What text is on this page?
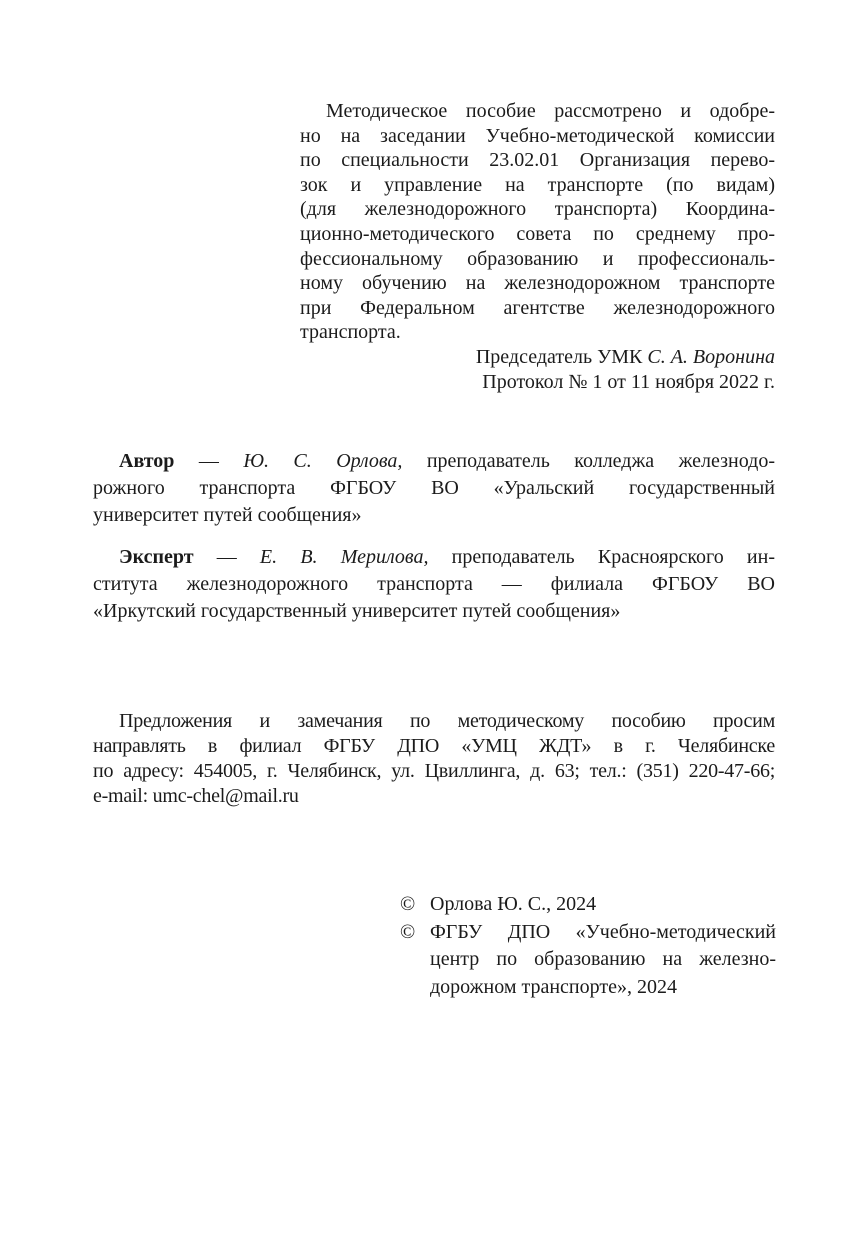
Методическое пособие рассмотрено и одобре-
но на заседании Учебно-методической комиссии
по специальности 23.02.01 Организация перево-
зок и управление на транспорте (по видам)
(для железнодорожного транспорта) Координа-
ционно-методического совета по среднему про-
фессиональному образованию и профессиональ-
ному обучению на железнодорожном транспорте
при Федеральном агентстве железнодорожного
транспорта.
Председатель УМК С. А. Воронина
Протокол № 1 от 11 ноября 2022 г.
Автор — Ю. С. Орлова, преподаватель колледжа железнодо-
рожного транспорта ФГБОУ ВО «Уральский государственный
университет путей сообщения»
Эксперт — Е. В. Мерилова, преподаватель Красноярского ин-
ститута железнодорожного транспорта — филиала ФГБОУ ВО
«Иркутский государственный университет путей сообщения»
Предложения и замечания по методическому пособию просим
направлять в филиал ФГБУ ДПО «УМЦ ЖДТ» в г. Челябинске
по адресу: 454005, г. Челябинск, ул. Цвиллинга, д. 63; тел.: (351) 220-47-66;
e-mail: umc-chel@mail.ru
© Орлова Ю. С., 2024
© ФГБУ ДПО «Учебно-методический
центр по образованию на железно-
дорожном транспорте», 2024
